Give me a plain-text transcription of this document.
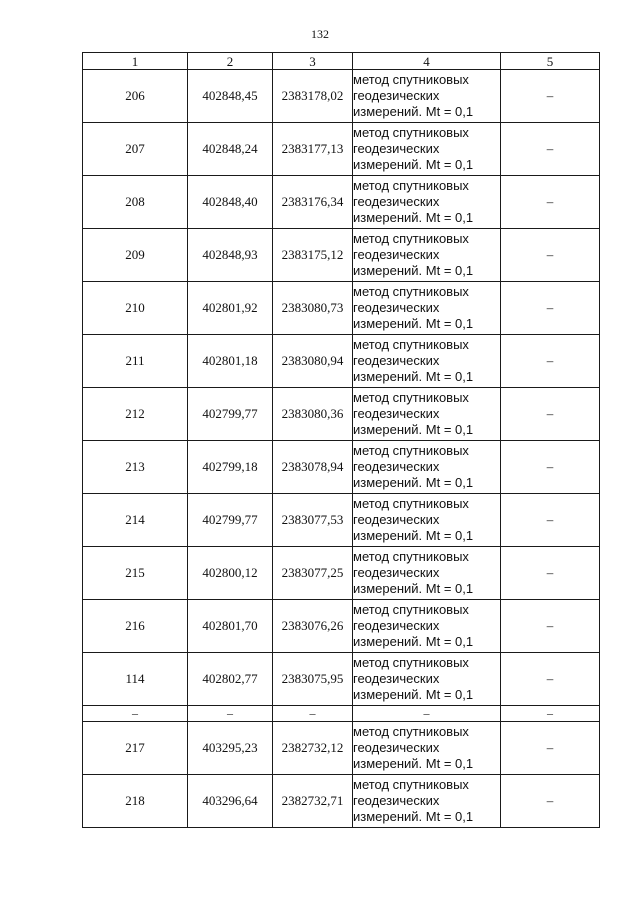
132
1	2	3	4	5
206	402848,45	2383178,02	метод спутниковых
геодезических
измерений. Mt = 0,1	–
207	402848,24	2383177,13	метод спутниковых
геодезических
измерений. Mt = 0,1	–
208	402848,40	2383176,34	метод спутниковых
геодезических
измерений. Mt = 0,1	–
209	402848,93	2383175,12	метод спутниковых
геодезических
измерений. Mt = 0,1	–
210	402801,92	2383080,73	метод спутниковых
геодезических
измерений. Mt = 0,1	–
211	402801,18	2383080,94	метод спутниковых
геодезических
измерений. Mt = 0,1	–
212	402799,77	2383080,36	метод спутниковых
геодезических
измерений. Mt = 0,1	–
213	402799,18	2383078,94	метод спутниковых
геодезических
измерений. Mt = 0,1	–
214	402799,77	2383077,53	метод спутниковых
геодезических
измерений. Mt = 0,1	–
215	402800,12	2383077,25	метод спутниковых
геодезических
измерений. Mt = 0,1	–
216	402801,70	2383076,26	метод спутниковых
геодезических
измерений. Mt = 0,1	–
114	402802,77	2383075,95	метод спутниковых
геодезических
измерений. Mt = 0,1	–
–	–	–	–	–
217	403295,23	2382732,12	метод спутниковых
геодезических
измерений. Mt = 0,1	–
218	403296,64	2382732,71	метод спутниковых
геодезических
измерений. Mt = 0,1	–
